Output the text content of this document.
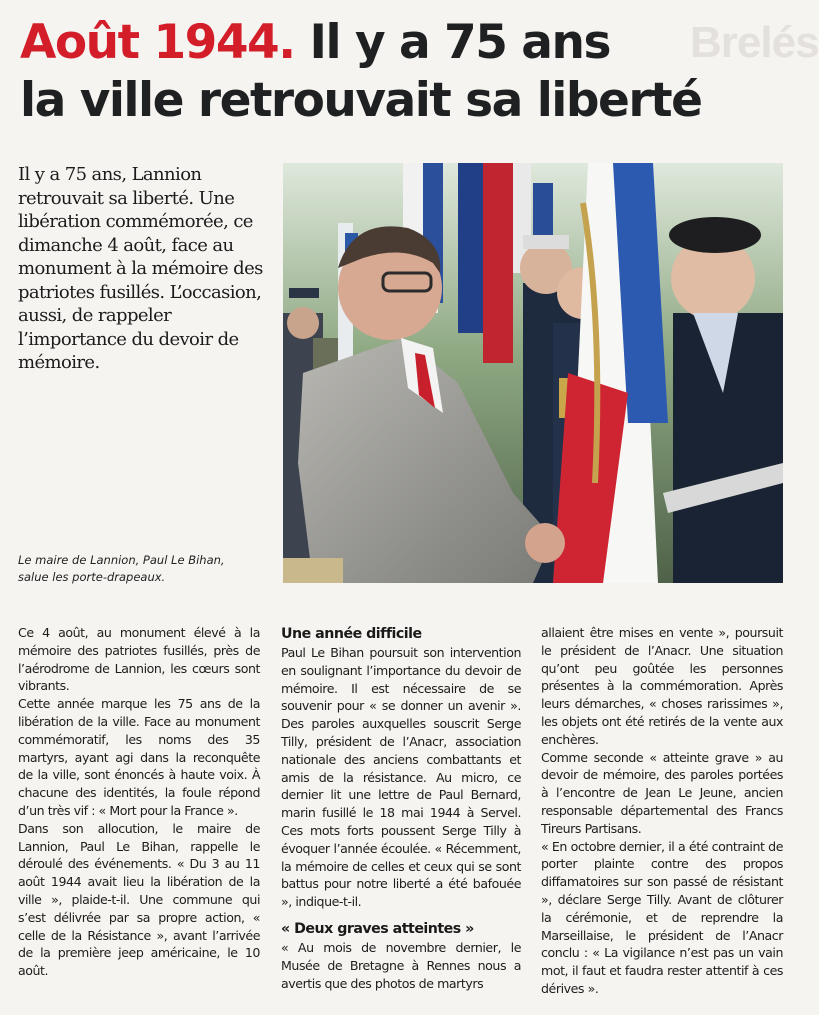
Brelés
Août 1944. Il y a 75 ans
la ville retrouvait sa liberté

Il y a 75 ans, Lannion retrouvait sa liberté. Une libération commémorée, ce dimanche 4 août, face au monument à la mémoire des patriotes fusillés. L’occasion, aussi, de rappeler l’importance du devoir de mémoire.

Le maire de Lannion, Paul Le Bihan,
salue les porte-drapeaux.

Ce 4 août, au monument élevé à la mémoire des patriotes fusillés, près de l’aérodrome de Lannion, les cœurs sont vibrants.

Cette année marque les 75 ans de la libération de la ville. Face au monument commémoratif, les noms des 35 martyrs, ayant agi dans la reconquête de la ville, sont énoncés à haute voix. À chacune des identités, la foule répond d’un très vif : « Mort pour la France ».

Dans son allocution, le maire de Lannion, Paul Le Bihan, rappelle le déroulé des événements. « Du 3 au 11 août 1944 avait lieu la libération de la ville », plaide-t-il. Une commune qui s’est délivrée par sa propre action, « celle de la Résistance », avant l’arrivée de la première jeep américaine, le 10 août.

Une année difficile

Paul Le Bihan poursuit son intervention en soulignant l’importance du devoir de mémoire. Il est nécessaire de se souvenir pour « se donner un avenir ». Des paroles auxquelles souscrit Serge Tilly, président de l’Anacr, association nationale des anciens combattants et amis de la résistance. Au micro, ce dernier lit une lettre de Paul Bernard, marin fusillé le 18 mai 1944 à Servel. Ces mots forts poussent Serge Tilly à évoquer l’année écoulée. « Récemment, la mémoire de celles et ceux qui se sont battus pour notre liberté a été bafouée », indique-t-il.

« Deux graves atteintes »

« Au mois de novembre dernier, le Musée de Bretagne à Rennes nous a avertis que des photos de martyrs

allaient être mises en vente », poursuit le président de l’Anacr. Une situation qu’ont peu goûtée les personnes présentes à la commémoration. Après leurs démarches, « choses rarissimes », les objets ont été retirés de la vente aux enchères.

Comme seconde « atteinte grave » au devoir de mémoire, des paroles portées à l’encontre de Jean Le Jeune, ancien responsable départemental des Francs Tireurs Partisans.

« En octobre dernier, il a été contraint de porter plainte contre des propos diffamatoires sur son passé de résistant », déclare Serge Tilly. Avant de clôturer la cérémonie, et de reprendre la Marseillaise, le président de l’Anacr conclu : « La vigilance n’est pas un vain mot, il faut et faudra rester attentif à ces dérives ».
